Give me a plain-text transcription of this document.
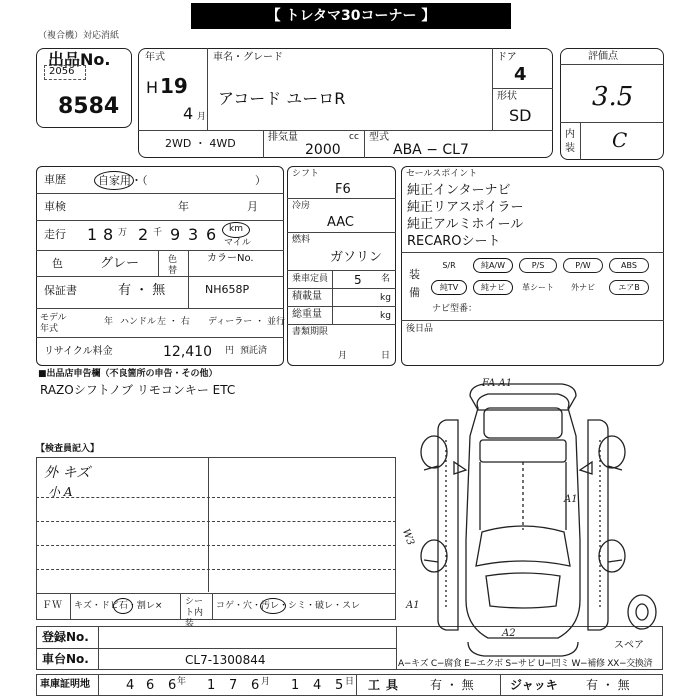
【 トレタマ30コーナー 】
（複合機）対応消紙
出品No.
2056
8584
年式
H 19
4 月
車名・グレード
アコード ユーロR
ドア
4
形状
SD
2WD ・ 4WD	排気量	cc
2000
型式
ABA − CL7
評価点
3.5
内装 C
車歴	自家用・（	）
車検	年	月
走行 1 8 万 2 千 9 3 6 km
マイル
色	グレー	色替
カラーNo.
NH658P
保証書	有 ・ 無
モデル年式
年 ハンドル 左 ・ 右 ディーラー ・ 並行
リサイクル料金	12,410 円 預託済
シフト
F6
冷房
AAC
燃料
ガソリン
乗車定員 5 名
積載量	kg
総重量	kg
書類期限
月	日
セールスポイント
純正インターナビ
純正リアスポイラー
純正アルミホイール
RECAROシート
装備
S/R	純A/W	P/S	P/W	ABS
純TV	純ナビ	革シート	外ナビ	エアB
ナビ型番：
後日品
■出品店申告欄（不良箇所の申告・その他）
RAZOシフトノブ リモコンキー ETC
【検査員記入】
外 キズ
小 A
ＦＷ キズ・ドビ石・割レ×	シート内装
コゲ・穴・汚レ・シミ・破レ・スレ
登録No.
車台No.	CL7-1300844	A−キズ C−腐食 E−エクボ S−サビ U−凹ミ W−補修 XX−交換済
車庫証明地	4 6 6 年 1 7 6 月 1 4 5 日 工具 有 ・ 無	ジャッキ 有 ・ 無
FA A1
A1
W3
A1
A2
スペア
